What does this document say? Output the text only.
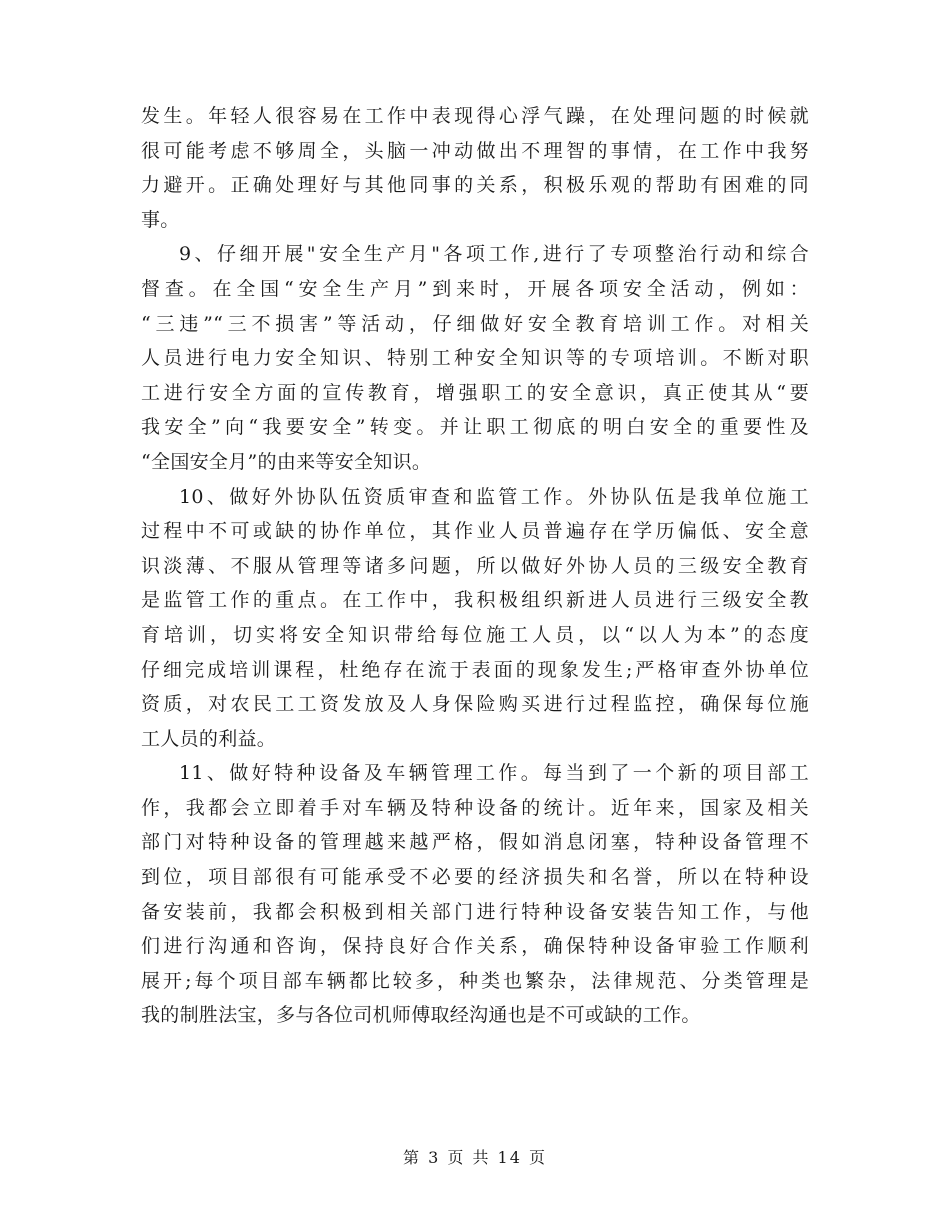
发生。年轻人很容易在工作中表现得心浮气躁，在处理问题的时候就
很可能考虑不够周全，头脑一冲动做出不理智的事情，在工作中我努
力避开。正确处理好与其他同事的关系，积极乐观的帮助有困难的同
事。

9、仔细开展"安全生产月"各项工作,进行了专项整治行动和综合
督查。在全国“安全生产月”到来时，开展各项安全活动，例如：
“三违”“三不损害”等活动，仔细做好安全教育培训工作。对相关
人员进行电力安全知识、特别工种安全知识等的专项培训。不断对职
工进行安全方面的宣传教育，增强职工的安全意识，真正使其从“要
我安全”向“我要安全”转变。并让职工彻底的明白安全的重要性及
“全国安全月”的由来等安全知识。

10、做好外协队伍资质审查和监管工作。外协队伍是我单位施工
过程中不可或缺的协作单位，其作业人员普遍存在学历偏低、安全意
识淡薄、不服从管理等诸多问题，所以做好外协人员的三级安全教育
是监管工作的重点。在工作中，我积极组织新进人员进行三级安全教
育培训，切实将安全知识带给每位施工人员，以“以人为本”的态度
仔细完成培训课程，杜绝存在流于表面的现象发生;严格审查外协单位
资质，对农民工工资发放及人身保险购买进行过程监控，确保每位施
工人员的利益。

11、做好特种设备及车辆管理工作。每当到了一个新的项目部工
作，我都会立即着手对车辆及特种设备的统计。近年来，国家及相关
部门对特种设备的管理越来越严格，假如消息闭塞，特种设备管理不
到位，项目部很有可能承受不必要的经济损失和名誉，所以在特种设
备安装前，我都会积极到相关部门进行特种设备安装告知工作，与他
们进行沟通和咨询，保持良好合作关系，确保特种设备审验工作顺利
展开;每个项目部车辆都比较多，种类也繁杂，法律规范、分类管理是
我的制胜法宝，多与各位司机师傅取经沟通也是不可或缺的工作。

第 3 页 共 14 页
